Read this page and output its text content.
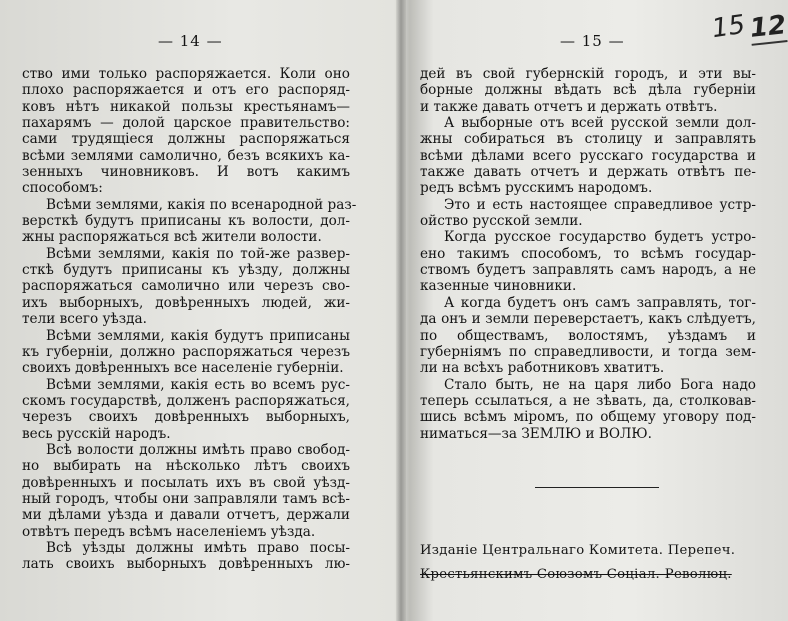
— 14 —
ство ими только распоряжается. Коли оно
плохо распоряжается и отъ его распоряд-
ковъ нѣтъ никакой пользы крестьянамъ—
пахарямъ — долой царское правительство:
сами трудящіеся должны распоряжаться
всѣми землями самолично, безъ всякихъ ка-
зенныхъ чиновниковъ. И вотъ какимъ
способомъ:
Всѣми землями, какія по всенародной раз-
версткѣ будутъ приписаны къ волости, дол-
жны распоряжаться всѣ жители волости.
Всѣми землями, какія по той-же развер-
сткѣ будутъ приписаны къ уѣзду, должны
распоряжаться самолично или черезъ сво-
ихъ выборныхъ, довѣренныхъ людей, жи-
тели всего уѣзда.
Всѣми землями, какія будутъ приписаны
къ губерніи, должно распоряжаться черезъ
своихъ довѣренныхъ все населеніе губерніи.
Всѣми землями, какія есть во всемъ рус-
скомъ государствѣ, долженъ распоряжаться,
черезъ своихъ довѣренныхъ выборныхъ,
весь русскій народъ.
Всѣ волости должны имѣть право свобод-
но выбирать на нѣсколько лѣтъ своихъ
довѣренныхъ и посылать ихъ въ свой уѣзд-
ный городъ, чтобы они заправляли тамъ всѣ-
ми дѣлами уѣзда и давали отчетъ, держали
отвѣтъ передъ всѣмъ населеніемъ уѣзда.
Всѣ уѣзды должны имѣть право посы-
лать своихъ выборныхъ довѣренныхъ лю-
— 15 —
дей въ свой губернскій городъ, и эти вы-
борные должны вѣдать всѣ дѣла губерніи
и также давать отчетъ и держать отвѣтъ.
А выборные отъ всей русской земли дол-
жны собираться въ столицу и заправлять
всѣми дѣлами всего русскаго государства и
также давать отчетъ и держать отвѣтъ пе-
редъ всѣмъ русскимъ народомъ.
Это и есть настоящее справедливое устр-
ойство русской земли.
Когда русское государство будетъ устро-
ено такимъ способомъ, то всѣмъ государ-
ствомъ будетъ заправлять самъ народъ, а не
казенные чиновники.
А когда будетъ онъ самъ заправлять, тог-
да онъ и земли переверстаетъ, какъ слѣдуетъ,
по обществамъ, волостямъ, уѣздамъ и
губерніямъ по справедливости, и тогда зем-
ли на всѣхъ работниковъ хватитъ.
Стало быть, не на царя либо Бога надо
теперь ссылаться, а не зѣвать, да, столковав-
шись всѣмъ міромъ, по общему уговору под-
ниматься—за ЗЕМЛЮ и ВОЛЮ.
15 12
Изданіе Центральнаго Комитета. Перепеч.
Крестьянскимъ Союзомъ Соціал.-Революц.
